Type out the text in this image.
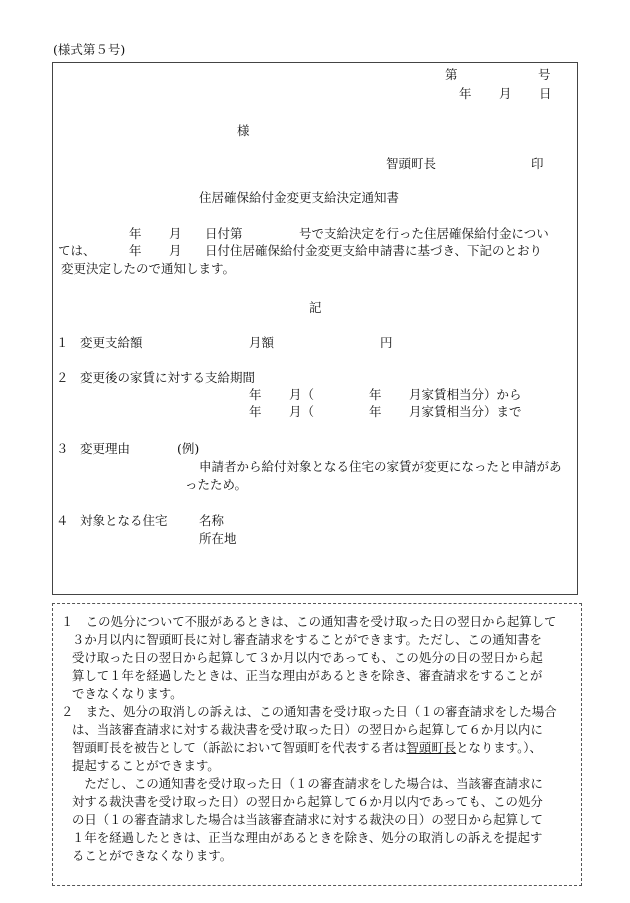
(様式第５号)
第	号
年 月 日
様
智頭町長	印
住居確保給付金変更支給決定通知書
年 月 日付第	号で支給決定を行った住居確保給付金につい
ては、	年 月 日付住居確保給付金変更支給申請書に基づき、下記のとおり
変更決定したので通知します。
記
１ 変更支給額	月額	円
２ 変更後の家賃に対する支給期間
年 月（	年 月家賃相当分）から
年 月（	年 月家賃相当分）まで
３ 変更理由	(例)
申請者から給付対象となる住宅の家賃が変更になったと申請があ
ったため。
４ 対象となる住宅	名称
所在地
１　この処分について不服があるときは、この通知書を受け取った日の翌日から起算して
３か月以内に智頭町長に対し審査請求をすることができます。ただし、この通知書を
受け取った日の翌日から起算して３か月以内であっても、この処分の日の翌日から起
算して１年を経過したときは、正当な理由があるときを除き、審査請求をすることが
できなくなります。
２　また、処分の取消しの訴えは、この通知書を受け取った日（１の審査請求をした場合
は、当該審査請求に対する裁決書を受け取った日）の翌日から起算して６か月以内に
智頭町長を被告として（訴訟において智頭町を代表する者は智頭町長となります。）、
提起することができます。
　ただし、この通知書を受け取った日（１の審査請求をした場合は、当該審査請求に
対する裁決書を受け取った日）の翌日から起算して６か月以内であっても、この処分
の日（１の審査請求した場合は当該審査請求に対する裁決の日）の翌日から起算して
１年を経過したときは、正当な理由があるときを除き、処分の取消しの訴えを提起す
ることができなくなります。
